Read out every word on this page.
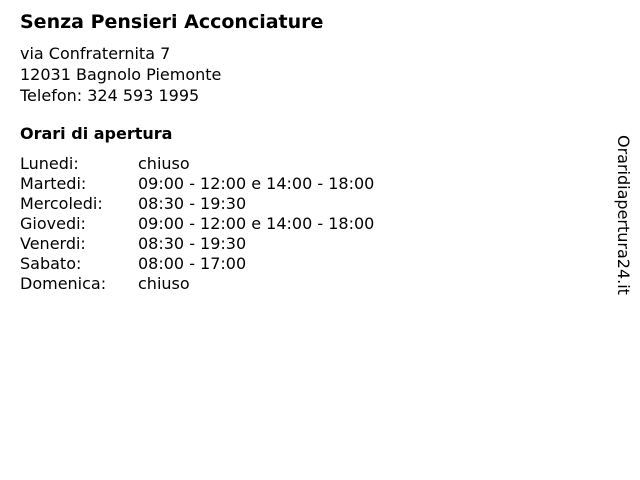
Senza Pensieri Acconciature
via Confraternita 7
12031 Bagnolo Piemonte
Telefon: 324 593 1995
Orari di apertura
Lunedi:	chiuso
Martedi:	09:00 - 12:00 e 14:00 - 18:00
Mercoledi:	08:30 - 19:30
Giovedi:	09:00 - 12:00 e 14:00 - 18:00
Venerdi:	08:30 - 19:30
Sabato:	08:00 - 17:00
Domenica:	chiuso	Oraridiapertura24.it
